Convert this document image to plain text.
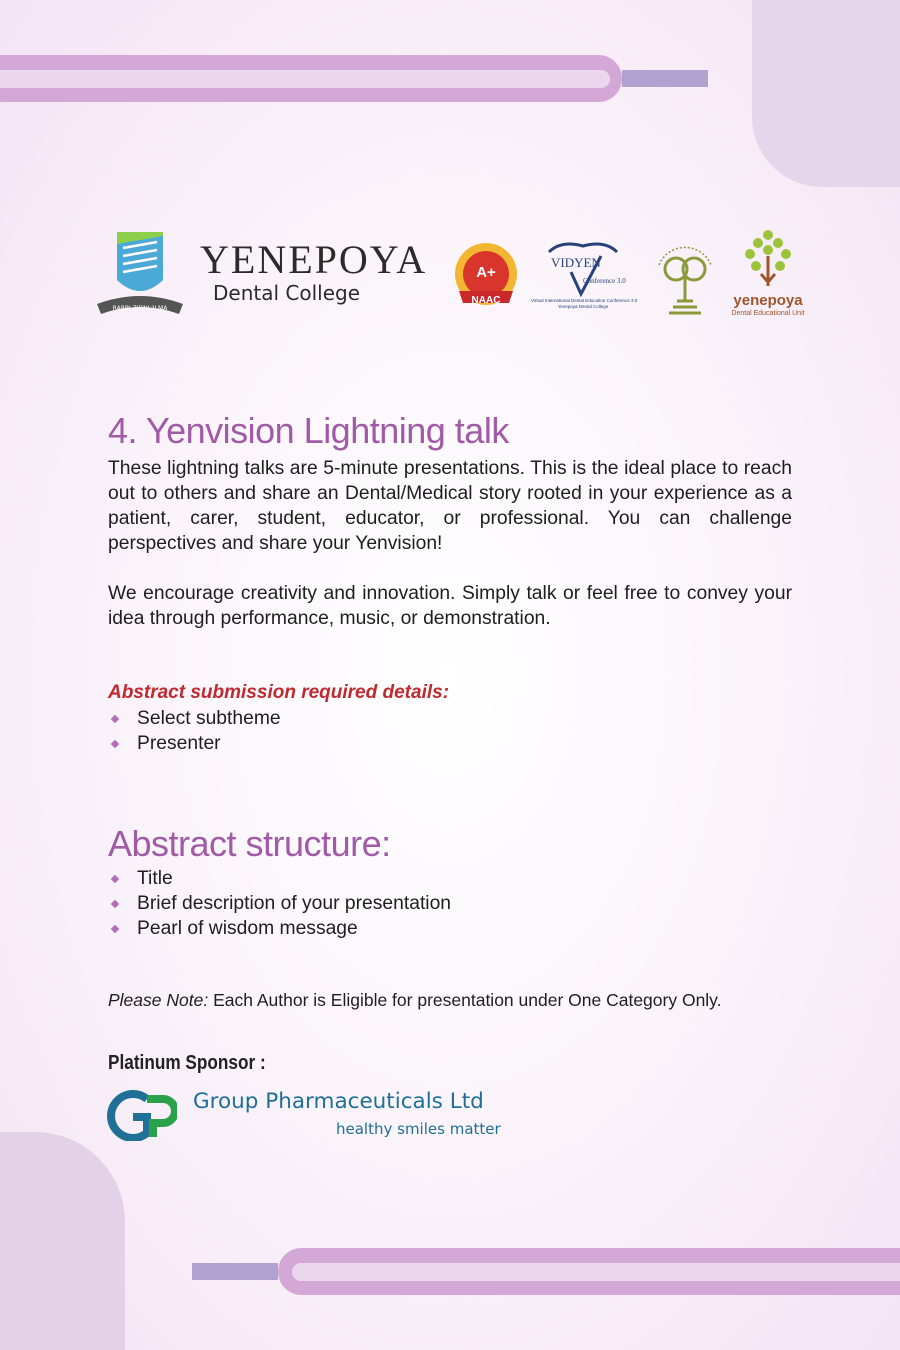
RABBI ZIDNI 'ILMA
YENEPOYA
Dental College
A+
NAAC
VIDYEN
Conference 3.0
Virtual International Dental Education Conference 3.0
Yenepoya Dental College	yenepoya
Dental Educational Unit
4. Yenvision Lightning talk

These lightning talks are 5-minute presentations. This is the ideal place to reach out to others and share an Dental/Medical story rooted in your experience as a patient, carer, student, educator, or professional. You can challenge perspectives and share your Yenvision!

We encourage creativity and innovation. Simply talk or feel free to convey your idea through performance, music, or demonstration.

Abstract submission required details:
Select subtheme
Presenter
Abstract structure:
Title
Brief description of your presentation
Pearl of wisdom message
Please Note: Each Author is Eligible for presentation under One Category Only.
Platinum Sponsor :
Group Pharmaceuticals Ltd
healthy smiles matter
